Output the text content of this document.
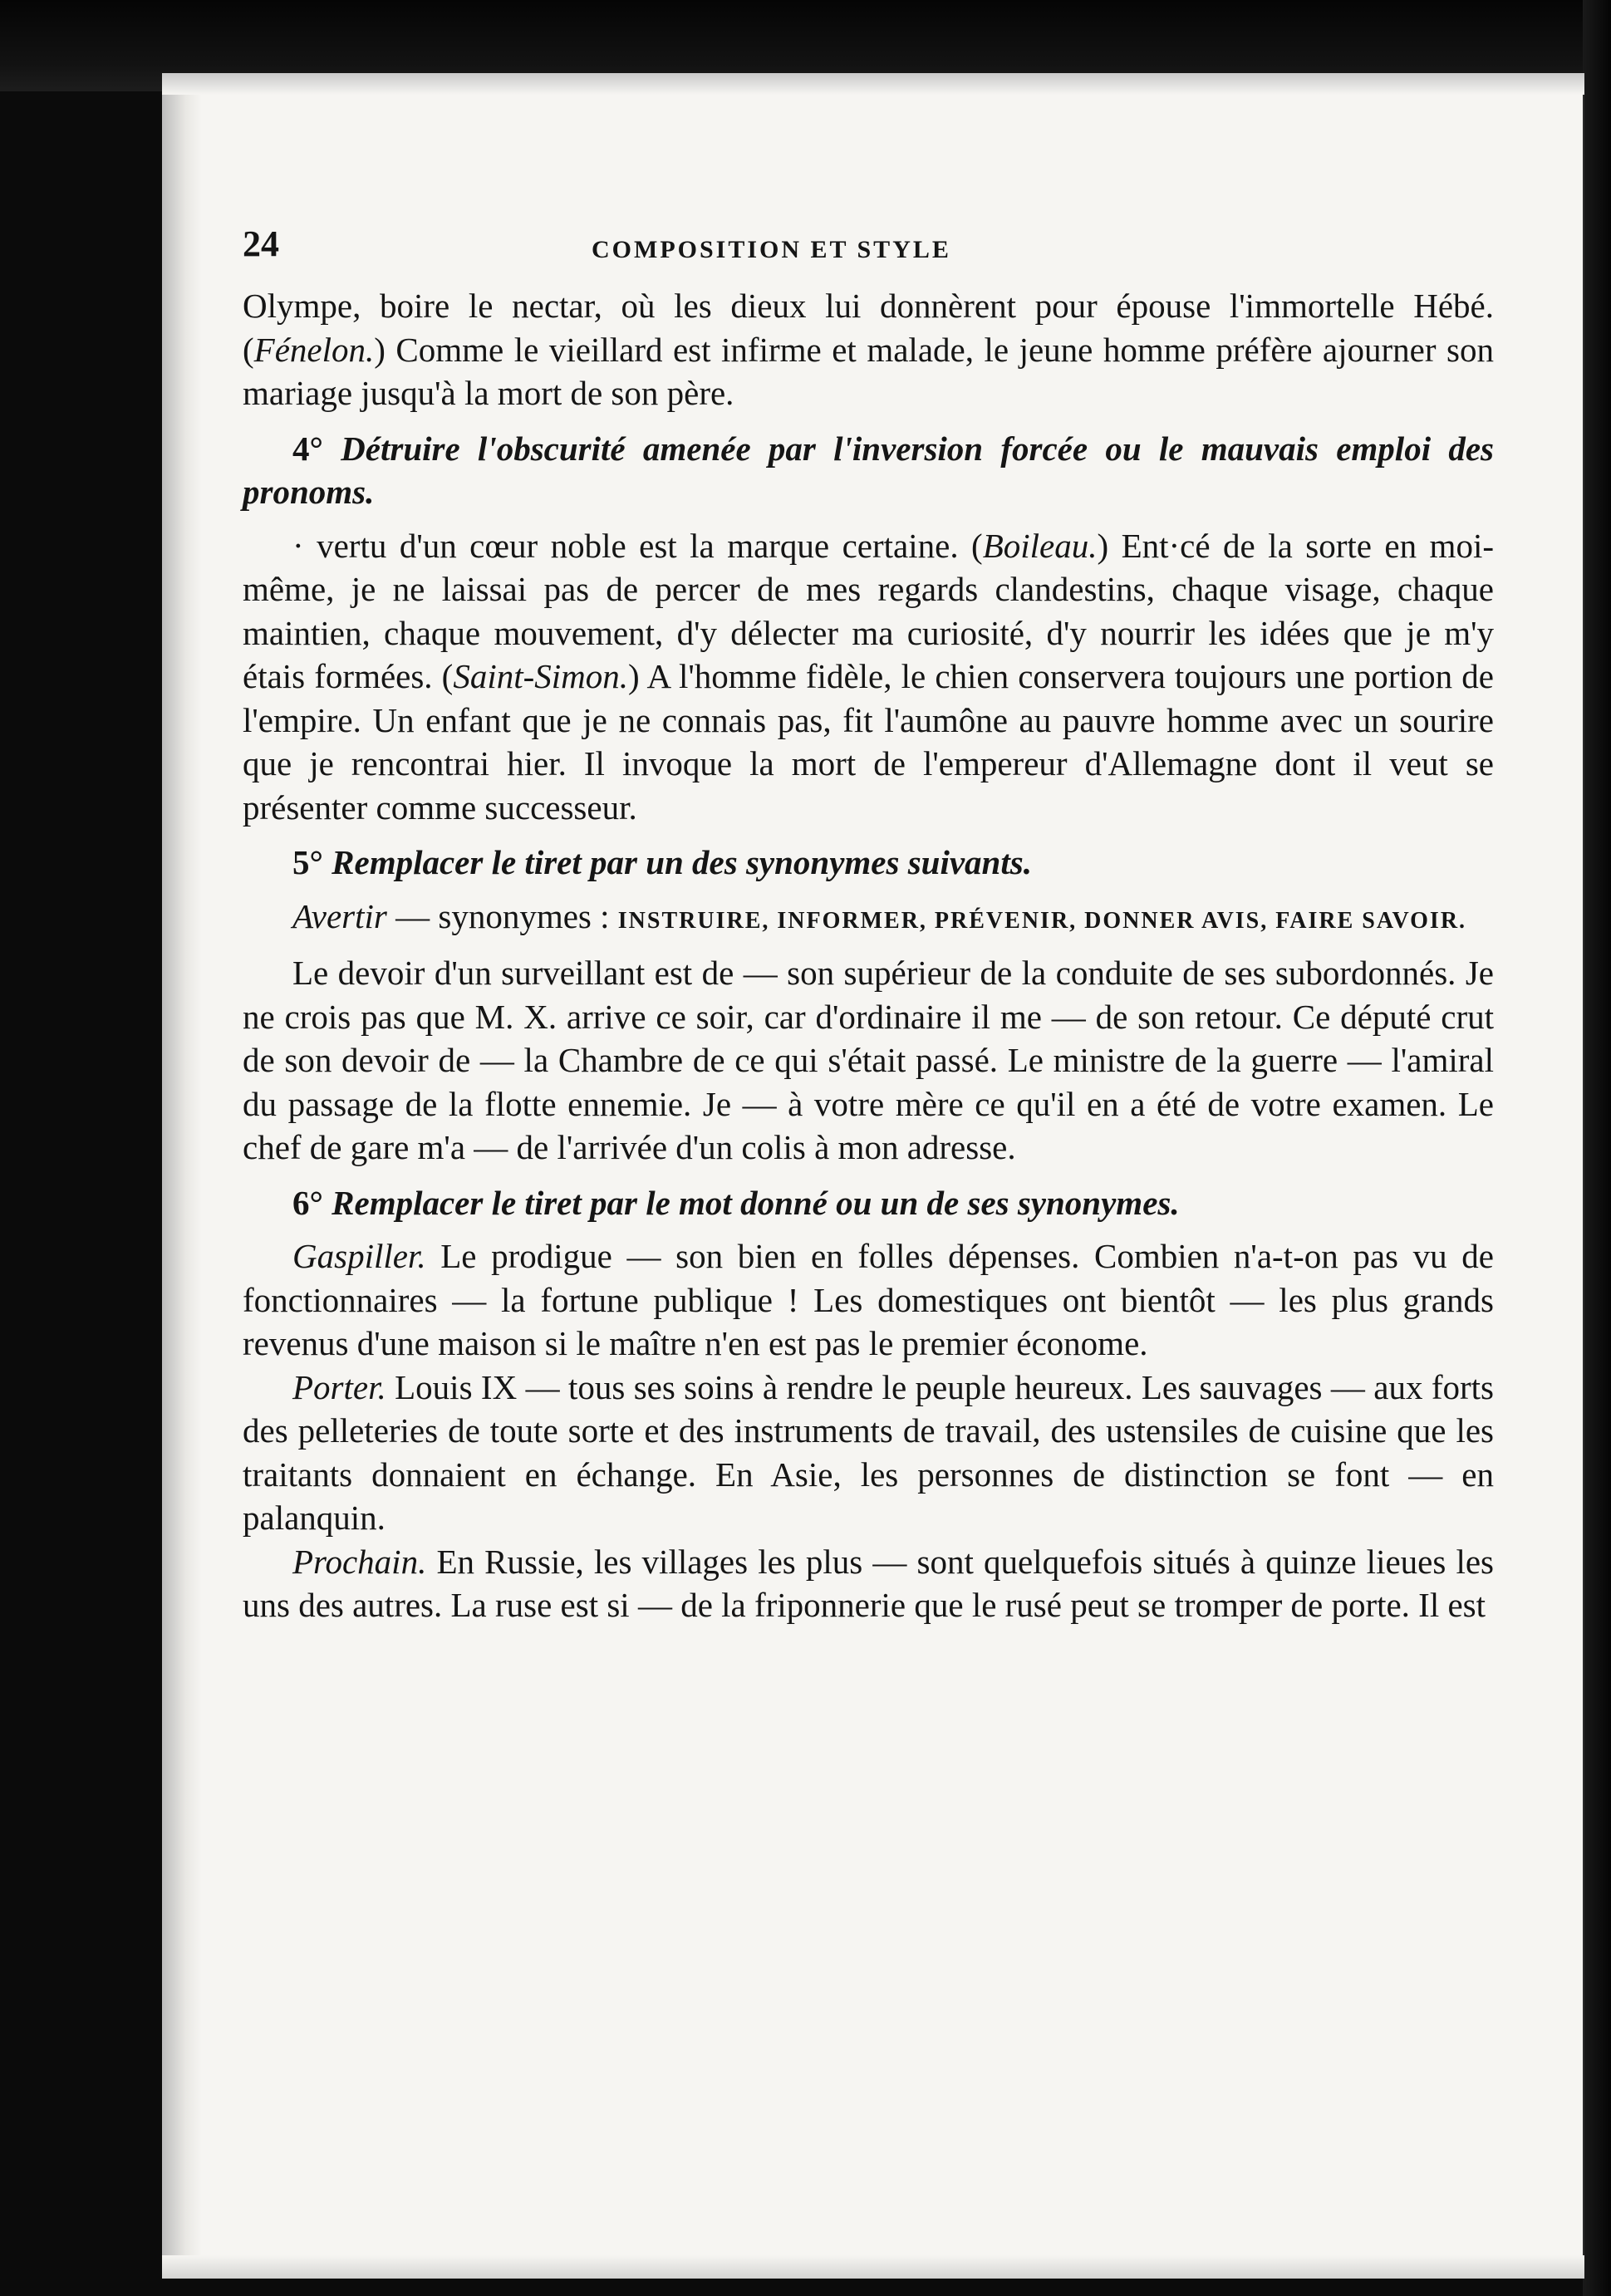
24	COMPOSITION ET STYLE

Olympe, boire le nectar, où les dieux lui donnèrent pour épouse l'immortelle Hébé. (Fénelon.) Comme le vieillard est infirme et malade, le jeune homme préfère ajourner son mariage jusqu'à la mort de son père.

4° Détruire l'obscurité amenée par l'inversion forcée ou le mauvais emploi des pronoms.

· vertu d'un cœur noble est la marque certaine. (Boileau.) Ent·cé de la sorte en moi-même, je ne laissai pas de percer de mes regards clandestins, chaque visage, chaque maintien, chaque mouvement, d'y délecter ma curiosité, d'y nourrir les idées que je m'y étais formées. (Saint-Simon.) A l'homme fidèle, le chien conservera toujours une portion de l'empire. Un enfant que je ne connais pas, fit l'aumône au pauvre homme avec un sourire que je rencontrai hier. Il invoque la mort de l'empereur d'Allemagne dont il veut se présenter comme successeur.

5° Remplacer le tiret par un des synonymes suivants.

Avertir — synonymes : INSTRUIRE, INFORMER, PRÉVENIR, DONNER AVIS, FAIRE SAVOIR.

Le devoir d'un surveillant est de — son supérieur de la conduite de ses subordonnés. Je ne crois pas que M. X. arrive ce soir, car d'ordinaire il me — de son retour. Ce député crut de son devoir de — la Chambre de ce qui s'était passé. Le ministre de la guerre — l'amiral du passage de la flotte ennemie. Je — à votre mère ce qu'il en a été de votre examen. Le chef de gare m'a — de l'arrivée d'un colis à mon adresse.

6° Remplacer le tiret par le mot donné ou un de ses synonymes.

Gaspiller. Le prodigue — son bien en folles dépenses. Combien n'a-t-on pas vu de fonctionnaires — la fortune publique ! Les domestiques ont bientôt — les plus grands revenus d'une maison si le maître n'en est pas le premier économe.

Porter. Louis IX — tous ses soins à rendre le peuple heureux. Les sauvages — aux forts des pelleteries de toute sorte et des instruments de travail, des ustensiles de cuisine que les traitants donnaient en échange. En Asie, les personnes de distinction se font — en palanquin.

Prochain. En Russie, les villages les plus — sont quelquefois situés à quinze lieues les uns des autres. La ruse est si — de la friponnerie que le rusé peut se tromper de porte. Il est
